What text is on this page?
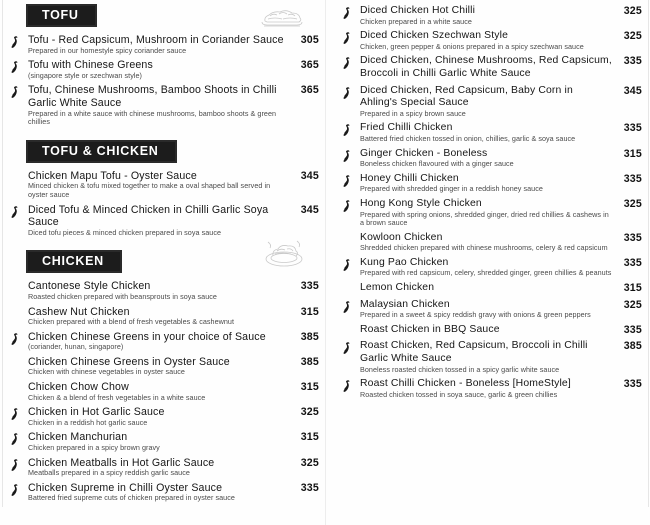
TOFU
Tofu - Red Capsicum, Mushroom in Coriander Sauce
Prepared in our homestyle spicy coriander sauce
305
Tofu with Chinese Greens
(singapore style or szechwan style)
365
Tofu, Chinese Mushrooms, Bamboo Shoots in Chilli Garlic White Sauce
Prepared in a white sauce with chinese mushrooms, bamboo shoots & green chillies
365
TOFU & CHICKEN
Chicken Mapu Tofu - Oyster Sauce
Minced chicken & tofu mixed together to make a oval shaped ball served in oyster sauce
345
Diced Tofu & Minced Chicken in Chilli Garlic Soya Sauce
Diced tofu pieces & minced chicken prepared in soya sauce
345
CHICKEN
Cantonese Style Chicken
Roasted chicken prepared with beansprouts in soya sauce
335
Cashew Nut Chicken
Chicken prepared with a blend of fresh vegetables & cashewnut
315
Chicken Chinese Greens in your choice of Sauce
(coriander, hunan, singapore)
385
Chicken Chinese Greens in Oyster Sauce
Chicken with chinese vegetables in oyster sauce
385
Chicken Chow Chow
Chicken & a blend of fresh vegetables in a white sauce
315
Chicken in Hot Garlic Sauce
Chicken in a reddish hot garlic sauce
325
Chicken Manchurian
Chicken prepared in a spicy brown gravy
315
Chicken Meatballs in Hot Garlic Sauce
Meatballs prepared in a spicy reddish garlic sauce
325
Chicken Supreme in Chilli Oyster Sauce
Battered fried supreme cuts of chicken prepared in oyster sauce
335
Diced Chicken Hot Chilli
Chicken prepared in a white sauce
325
Diced Chicken Szechwan Style
Chicken, green pepper & onions prepared in a spicy szechwan sauce
325
Diced Chicken, Chinese Mushrooms, Red Capsicum, Broccoli in Chilli Garlic White Sauce
335
Diced Chicken, Red Capsicum, Baby Corn in Ahling's Special Sauce
Prepared in a spicy brown sauce
345
Fried Chilli Chicken
Battered fried chicken tossed in onion, chillies, garlic & soya sauce
335
Ginger Chicken - Boneless
Boneless chicken flavoured with a ginger sauce
315
Honey Chilli Chicken
Prepared with shredded ginger in a reddish honey sauce
335
Hong Kong Style Chicken
Prepared with spring onions, shredded ginger, dried red chillies & cashews in a brown sauce
325
Kowloon Chicken
Shredded chicken prepared with chinese mushrooms, celery & red capsicum
335
Kung Pao Chicken
Prepared with red capsicum, celery, shredded ginger, green chillies & peanuts
335
Lemon Chicken	315
Malaysian Chicken
Prepared in a sweet & spicy reddish gravy with onions & green peppers
325
Roast Chicken in BBQ Sauce	335
Roast Chicken, Red Capsicum, Broccoli in Chilli Garlic White Sauce
Boneless roasted chicken tossed in a spicy garlic white sauce
385
Roast Chilli Chicken - Boneless [HomeStyle]
Roasted chicken tossed in soya sauce, garlic & green chillies
335
